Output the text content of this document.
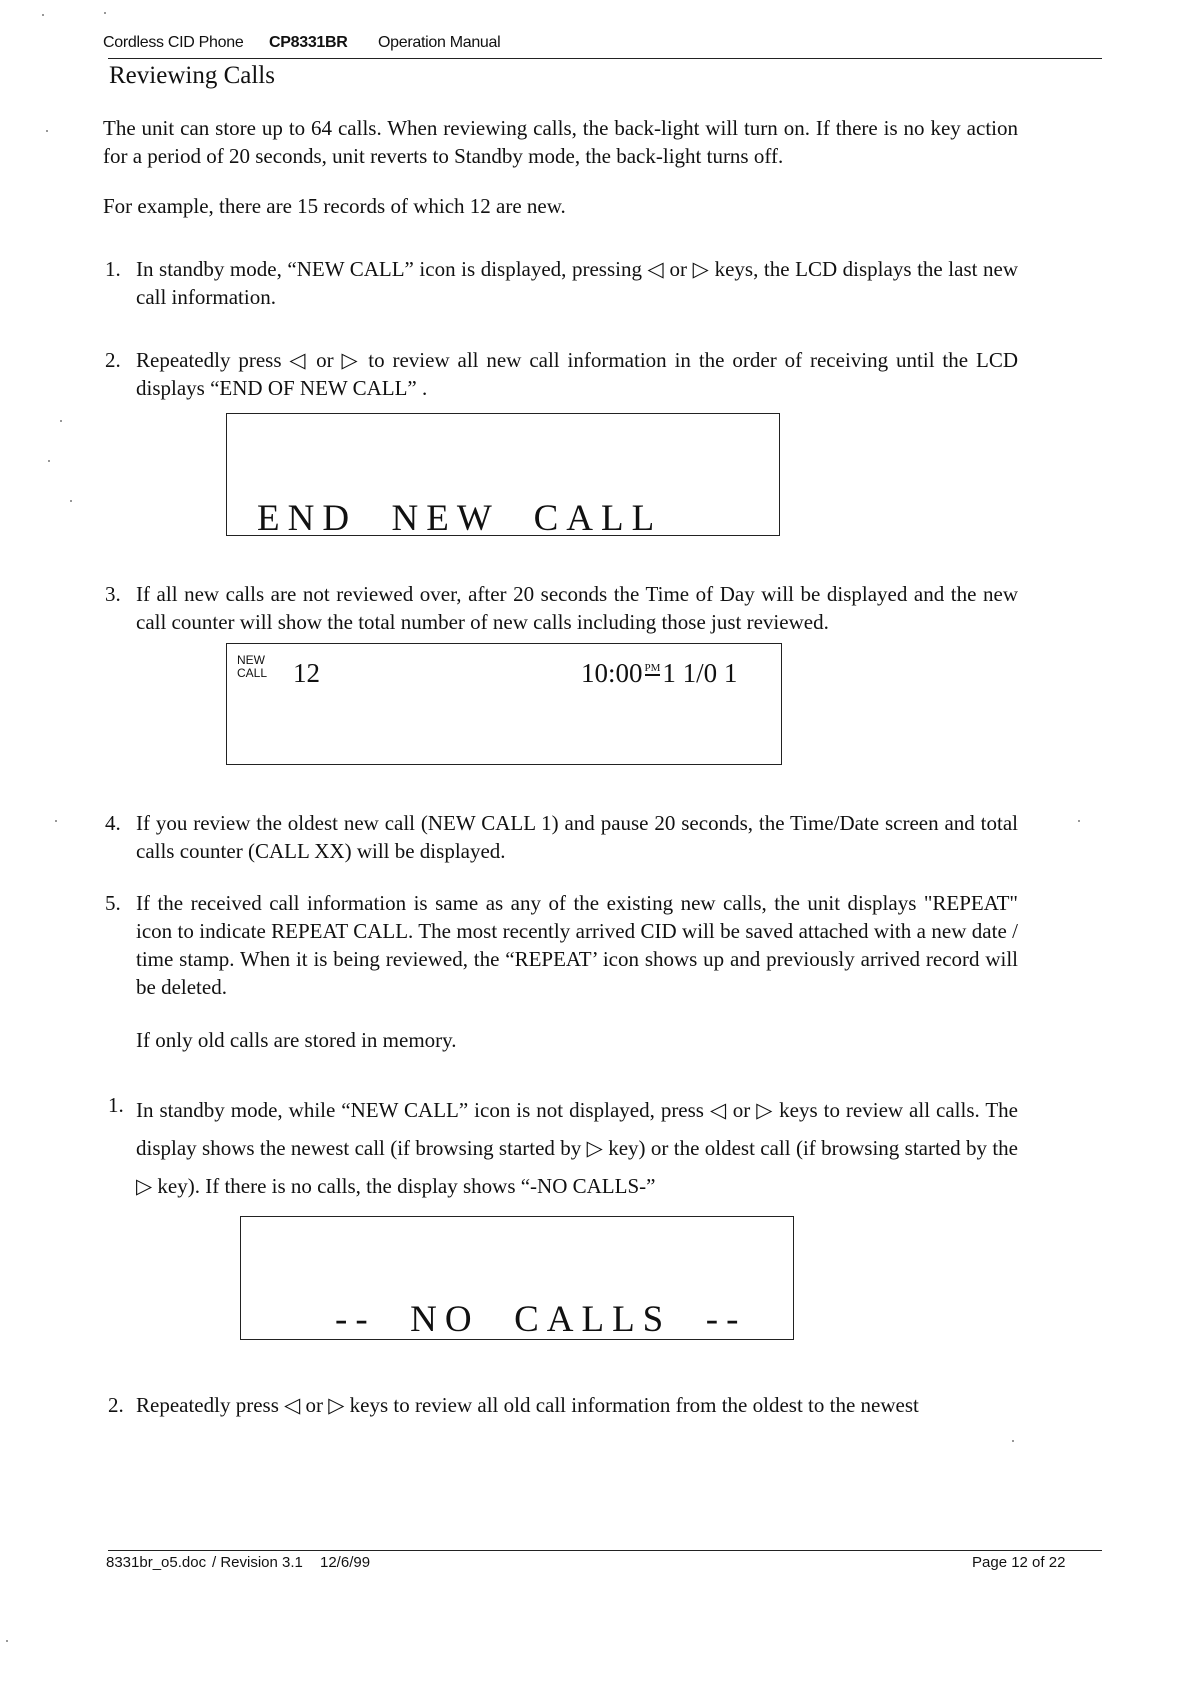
Cordless CID Phone CP8331BR Operation Manual
Reviewing Calls
The unit can store up to 64 calls. When reviewing calls, the back-light will turn on. If there is no key action for a period of 20 seconds, unit reverts to Standby mode, the back-light turns off.
For example, there are 15 records of which 12 are new.
1. In standby mode, “NEW CALL” icon is displayed, pressing ◁ or ▷ keys, the LCD displays the last new call information.
2. Repeatedly press ◁ or ▷ to review all new call information in the order of receiving until the LCD displays “END OF NEW CALL” .
END  NEW  CALL
3. If all new calls are not reviewed over, after 20 seconds the Time of Day will be displayed and the new call counter will show the total number of new calls including those just reviewed.
NEW
CALL 12	10:00 PM1 1/0 1
4. If you review the oldest new call (NEW CALL 1) and pause 20 seconds, the Time/Date screen and total calls counter (CALL XX) will be displayed.
5. If the received call information is same as any of the existing new calls, the unit displays "REPEAT" icon to indicate REPEAT CALL. The most recently arrived CID will be saved attached with a new date / time stamp. When it is being reviewed, the “REPEAT’ icon shows up and previously arrived record will be deleted.
If only old calls are stored in memory.
1. In standby mode, while “NEW CALL” icon is not displayed, press ◁ or ▷ keys to review all calls. The display shows the newest call (if browsing started by ▷ key) or the oldest call (if browsing started by the ▷ key). If there is no calls, the display shows “-NO CALLS-”
--  NO  CALLS  --
2. Repeatedly press ◁ or ▷ keys to review all old call information from the oldest to the newest
8331br_o5.doc / Revision 3.1 12/6/99	Page 12 of 22
